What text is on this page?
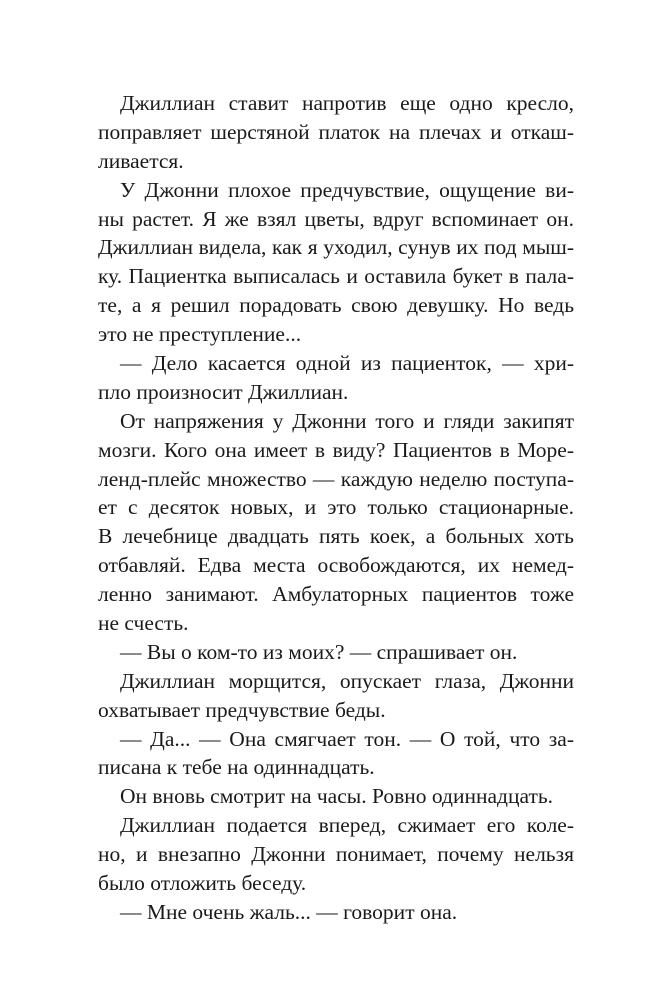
Джиллиан ставит напротив еще одно кресло,
поправляет шерстяной платок на плечах и откаш-
ливается.
У Джонни плохое предчувствие, ощущение ви-
ны растет. Я же взял цветы, вдруг вспоминает он.
Джиллиан видела, как я уходил, сунув их под мыш-
ку. Пациентка выписалась и оставила букет в пала-
те, а я решил порадовать свою девушку. Но ведь
это не преступление...
— Дело касается одной из пациенток, — хри-
пло произносит Джиллиан.
От напряжения у Джонни того и гляди закипят
мозги. Кого она имеет в виду? Пациентов в Море-
ленд-плейс множество — каждую неделю поступа-
ет с десяток новых, и это только стационарные.
В лечебнице двадцать пять коек, а больных хоть
отбавляй. Едва места освобождаются, их немед-
ленно занимают. Амбулаторных пациентов тоже
не счесть.
— Вы о ком-то из моих? — спрашивает он.
Джиллиан морщится, опускает глаза, Джонни
охватывает предчувствие беды.
— Да... — Она смягчает тон. — О той, что за-
писана к тебе на одиннадцать.
Он вновь смотрит на часы. Ровно одиннадцать.
Джиллиан подается вперед, сжимает его коле-
но, и внезапно Джонни понимает, почему нельзя
было отложить беседу.
— Мне очень жаль... — говорит она.
